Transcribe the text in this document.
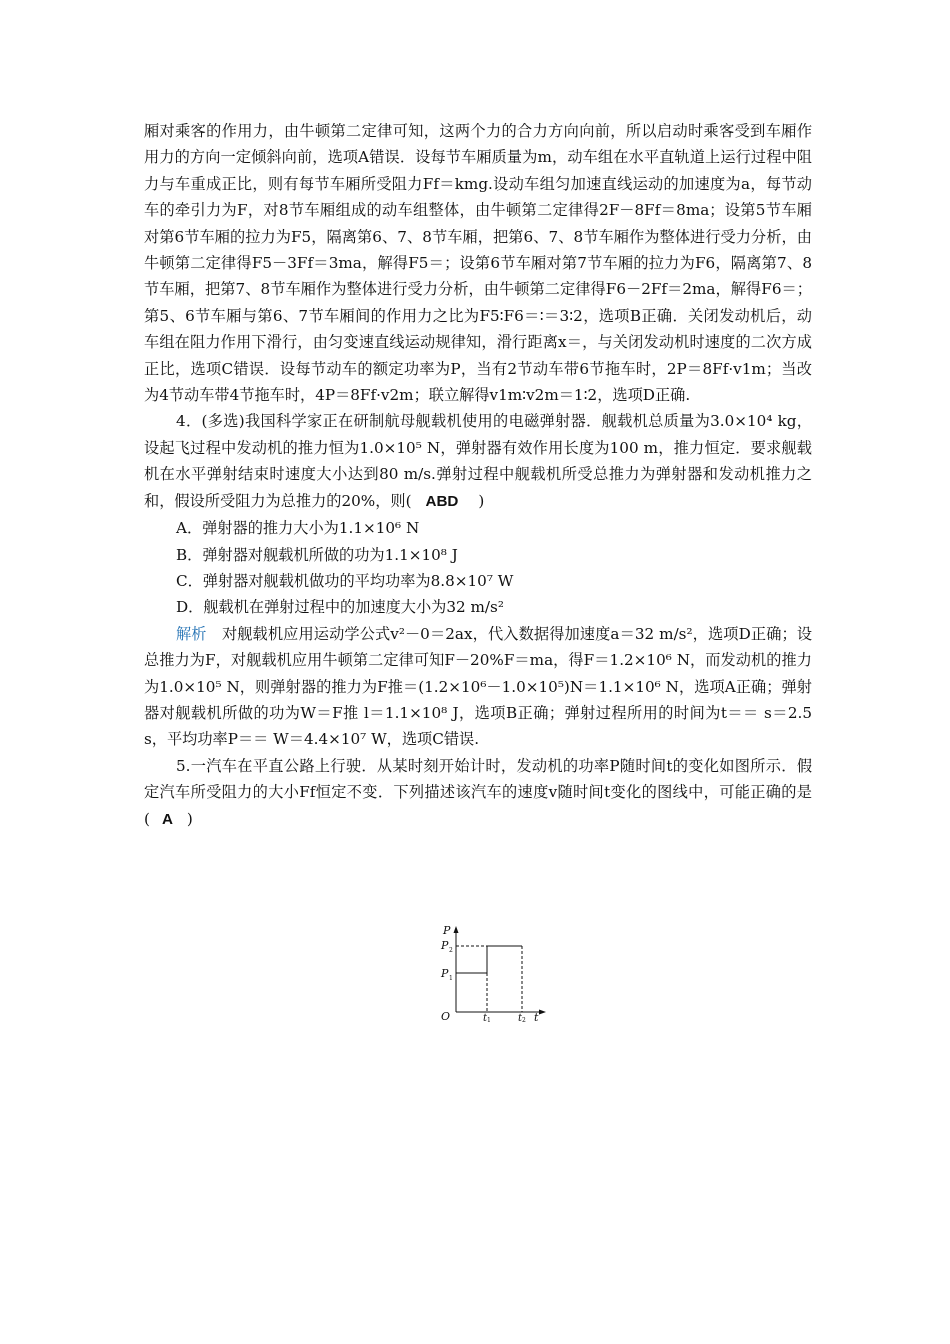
厢对乘客的作用力，由牛顿第二定律可知，这两个力的合力方向向前，所以启动时乘客受到车厢作用力的方向一定倾斜向前，选项A错误．设每节车厢质量为m，动车组在水平直轨道上运行过程中阻力与车重成正比，则有每节车厢所受阻力Ff＝kmg.设动车组匀加速直线运动的加速度为a，每节动车的牵引力为F，对8节车厢组成的动车组整体，由牛顿第二定律得2F－8Ff＝8ma；设第5节车厢对第6节车厢的拉力为F5，隔离第6、7、8节车厢，把第6、7、8节车厢作为整体进行受力分析，由牛顿第二定律得F5－3Ff＝3ma，解得F5＝；设第6节车厢对第7节车厢的拉力为F6，隔离第7、8节车厢，把第7、8节车厢作为整体进行受力分析，由牛顿第二定律得F6－2Ff＝2ma，解得F6＝；第5、6节车厢与第6、7节车厢间的作用力之比为F5∶F6＝∶＝3∶2，选项B正确．关闭发动机后，动车组在阻力作用下滑行，由匀变速直线运动规律知，滑行距离x＝，与关闭发动机时速度的二次方成正比，选项C错误．设每节动车的额定功率为P，当有2节动车带6节拖车时，2P＝8Ff·v1m；当改为4节动车带4节拖车时，4P＝8Ff·v2m；联立解得v1m∶v2m＝1∶2，选项D正确.

4．(多选)我国科学家正在研制航母舰载机使用的电磁弹射器．舰载机总质量为3.0×10⁴ kg，设起飞过程中发动机的推力恒为1.0×10⁵ N，弹射器有效作用长度为100 m，推力恒定．要求舰载机在水平弹射结束时速度大小达到80 m/s.弹射过程中舰载机所受总推力为弹射器和发动机推力之和，假设所受阻力为总推力的20%，则( ABD )

A．弹射器的推力大小为1.1×10⁶ N

B．弹射器对舰载机所做的功为1.1×10⁸ J

C．弹射器对舰载机做功的平均功率为8.8×10⁷ W

D．舰载机在弹射过程中的加速度大小为32 m/s²

解析　 对舰载机应用运动学公式v²－0＝2ax，代入数据得加速度a＝32 m/s²，选项D正确；设总推力为F，对舰载机应用牛顿第二定律可知F－20%F＝ma，得F＝1.2×10⁶ N，而发动机的推力为1.0×10⁵ N，则弹射器的推力为F推＝(1.2×10⁶－1.0×10⁵)N＝1.1×10⁶ N，选项A正确；弹射器对舰载机所做的功为W＝F推 l＝1.1×10⁸ J，选项B正确；弹射过程所用的时间为t＝＝ s＝2.5 s，平均功率P＝＝ W＝4.4×10⁷ W，选项C错误.

5.一汽车在平直公路上行驶．从某时刻开始计时，发动机的功率P随时间t的变化如图所示．假定汽车所受阻力的大小Ff恒定不变．下列描述该汽车的速度v随时间t变化的图线中，可能正确的是( A )

P
P 2
P 1
O	t 1	t 2 t
